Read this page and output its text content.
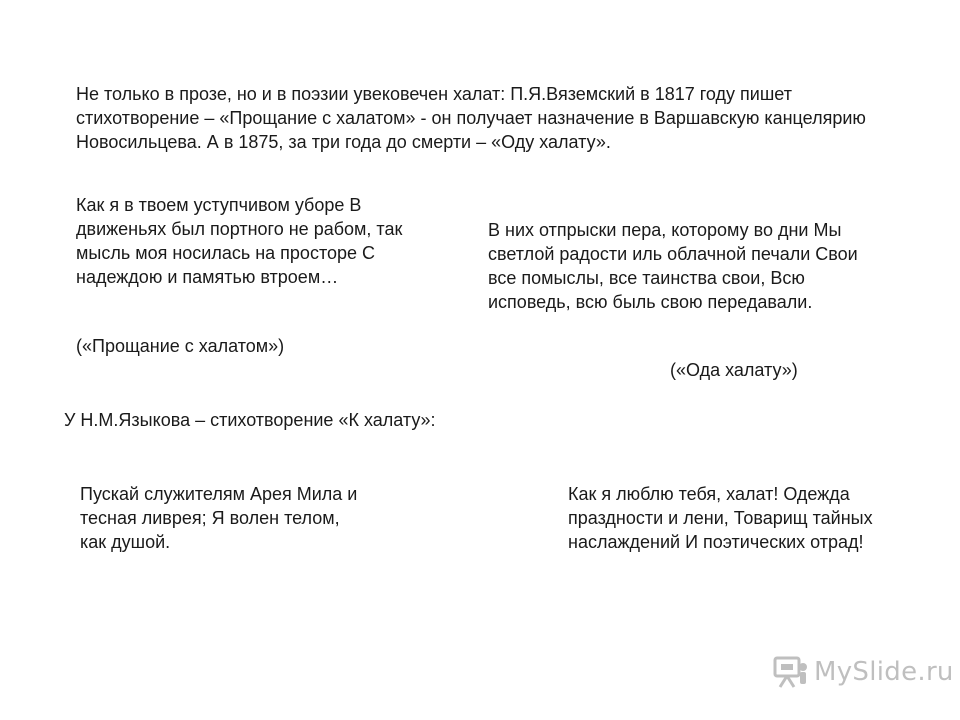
Не только в прозе, но и в поэзии увековечен халат: П.Я.Вяземский в 1817 году пишет стихотворение – «Прощание с халатом» - он получает назначение в Варшавскую канцелярию Новосильцева. А в 1875, за три года до смерти – «Оду халату».

Как я в твоем уступчивом уборе В движеньях был портного не рабом, так мысль моя носилась на просторе С надеждою и памятью втроем…

(«Прощание с халатом»)

В них отпрыски пера, которому во дни Мы светлой радости иль облачной печали Свои все помыслы, все таинства свои, Всю исповедь, всю быль свою передавали.

(«Ода халату»)

У Н.М.Языкова – стихотворение «К халату»:

Пускай служителям Арея Мила и тесная ливрея; Я волен телом, как душой.

Как я люблю тебя, халат! Одежда праздности и лени, Товарищ тайных наслаждений И поэтических отрад!

MySlide.ru
